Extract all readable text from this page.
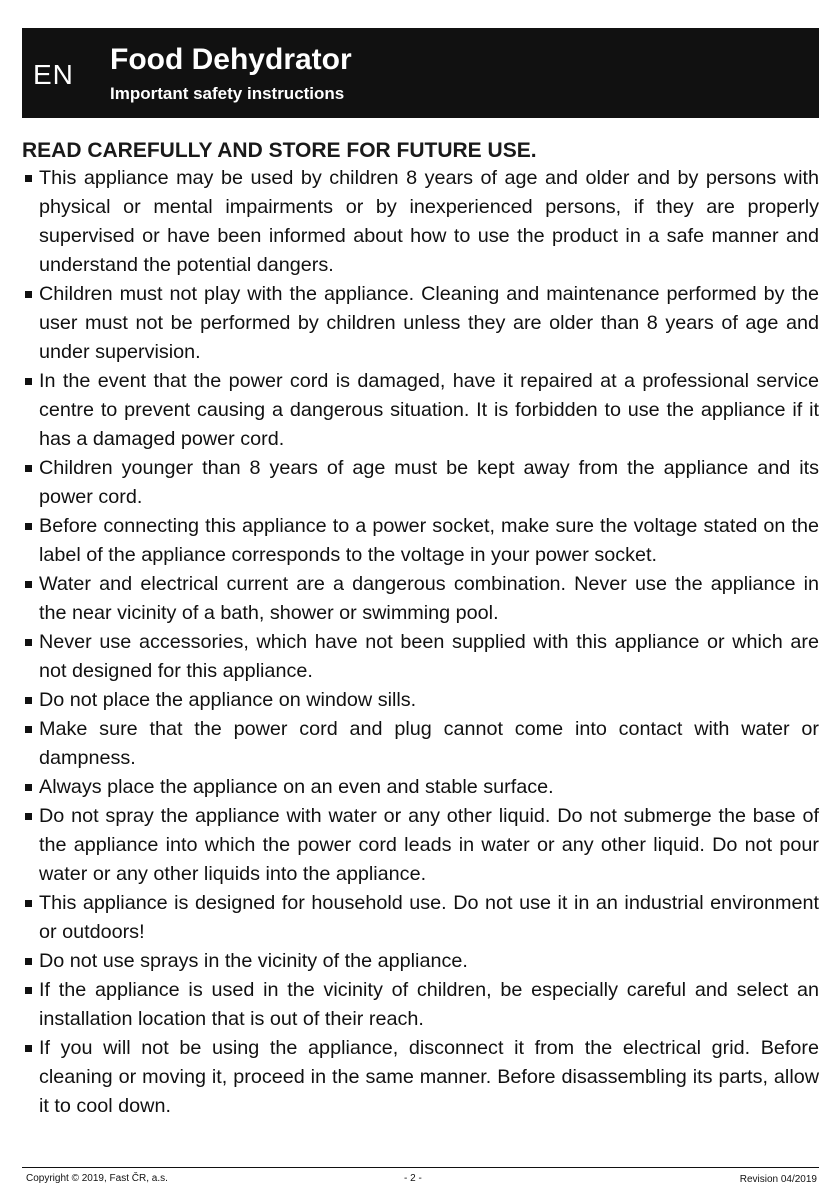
EN Food Dehydrator
Important safety instructions
READ CAREFULLY AND STORE FOR FUTURE USE.
This appliance may be used by children 8 years of age and older and by persons with physical or mental impairments or by inexperienced persons, if they are properly supervised or have been informed about how to use the product in a safe manner and understand the potential dangers.
Children must not play with the appliance. Cleaning and maintenance performed by the user must not be performed by children unless they are older than 8 years of age and under supervision.
In the event that the power cord is damaged, have it repaired at a professional service centre to prevent causing a dangerous situation. It is forbidden to use the appliance if it has a damaged power cord.
Children younger than 8 years of age must be kept away from the appliance and its power cord.
Before connecting this appliance to a power socket, make sure the voltage stated on the label of the appliance corresponds to the voltage in your power socket.
Water and electrical current are a dangerous combination. Never use the appliance in the near vicinity of a bath, shower or swimming pool.
Never use accessories, which have not been supplied with this appliance or which are not designed for this appliance.
Do not place the appliance on window sills.
Make sure that the power cord and plug cannot come into contact with water or dampness.
Always place the appliance on an even and stable surface.
Do not spray the appliance with water or any other liquid. Do not submerge the base of the appliance into which the power cord leads in water or any other liquid. Do not pour water or any other liquids into the appliance.
This appliance is designed for household use. Do not use it in an industrial environment or outdoors!
Do not use sprays in the vicinity of the appliance.
If the appliance is used in the vicinity of children, be especially careful and select an installation location that is out of their reach.
If you will not be using the appliance, disconnect it from the electrical grid. Before cleaning or moving it, proceed in the same manner. Before disassembling its parts, allow it to cool down.
Copyright © 2019, Fast ČR, a.s.	- 2 -	Revision 04/2019
